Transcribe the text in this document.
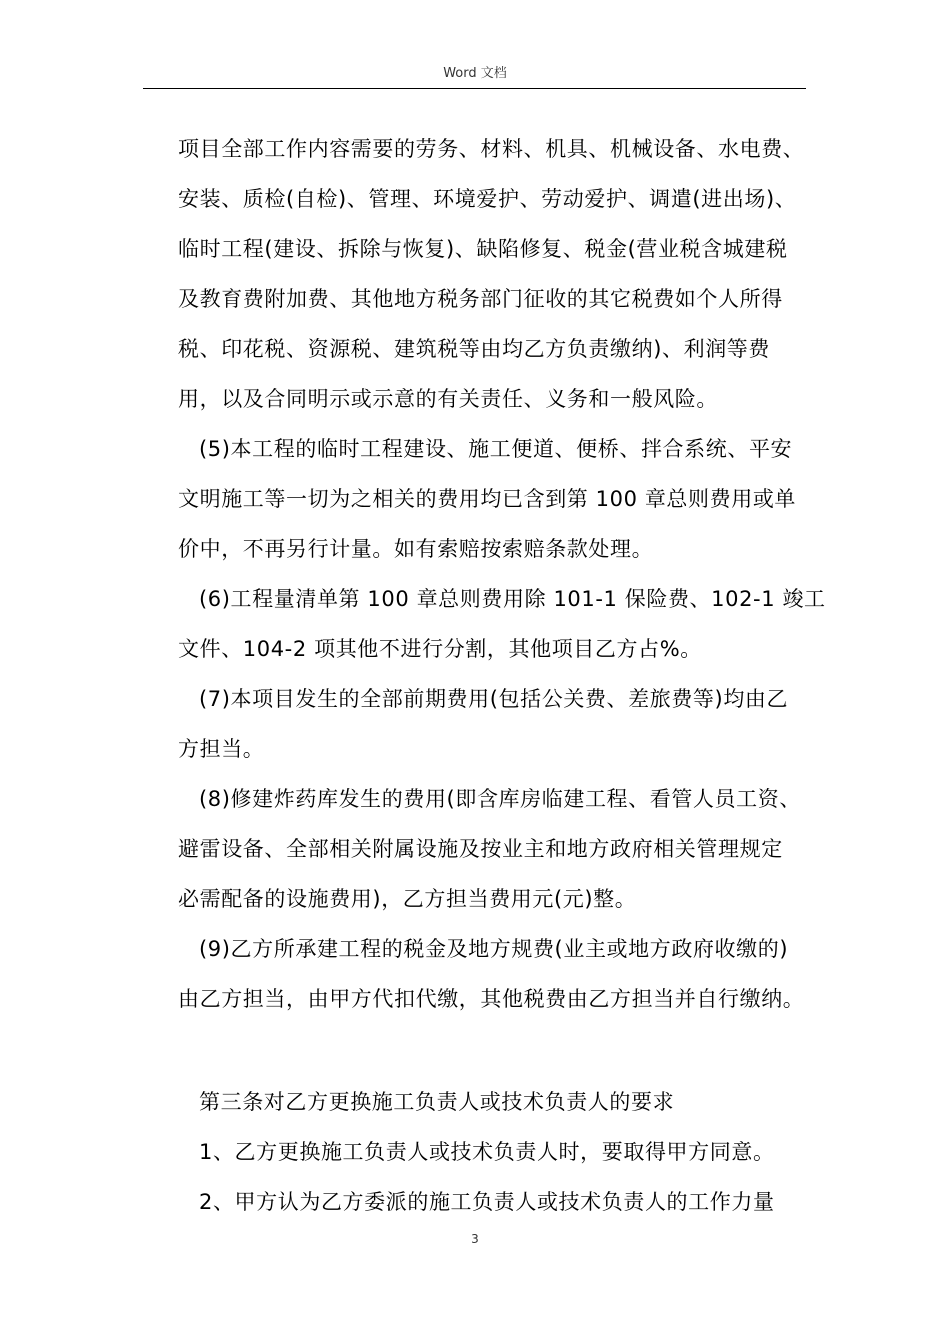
Word 文档
项目全部工作内容需要的劳务、材料、机具、机械设备、水电费、
安装、质检(自检)、管理、环境爱护、劳动爱护、调遣(进出场)、
临时工程(建设、拆除与恢复)、缺陷修复、税金(营业税含城建税
及教育费附加费、其他地方税务部门征收的其它税费如个人所得
税、印花税、资源税、建筑税等由均乙方负责缴纳)、利润等费
用，以及合同明示或示意的有关责任、义务和一般风险。
(5)本工程的临时工程建设、施工便道、便桥、拌合系统、平安
文明施工等一切为之相关的费用均已含到第 100 章总则费用或单
价中，不再另行计量。如有索赔按索赔条款处理。
(6)工程量清单第 100 章总则费用除 101-1 保险费、102-1 竣工
文件、104-2 项其他不进行分割，其他项目乙方占%。
(7)本项目发生的全部前期费用(包括公关费、差旅费等)均由乙
方担当。
(8)修建炸药库发生的费用(即含库房临建工程、看管人员工资、
避雷设备、全部相关附属设施及按业主和地方政府相关管理规定
必需配备的设施费用)，乙方担当费用元(元)整。
(9)乙方所承建工程的税金及地方规费(业主或地方政府收缴的)
由乙方担当，由甲方代扣代缴，其他税费由乙方担当并自行缴纳。
第三条对乙方更换施工负责人或技术负责人的要求
1、乙方更换施工负责人或技术负责人时，要取得甲方同意。
2、甲方认为乙方委派的施工负责人或技术负责人的工作力量
3
